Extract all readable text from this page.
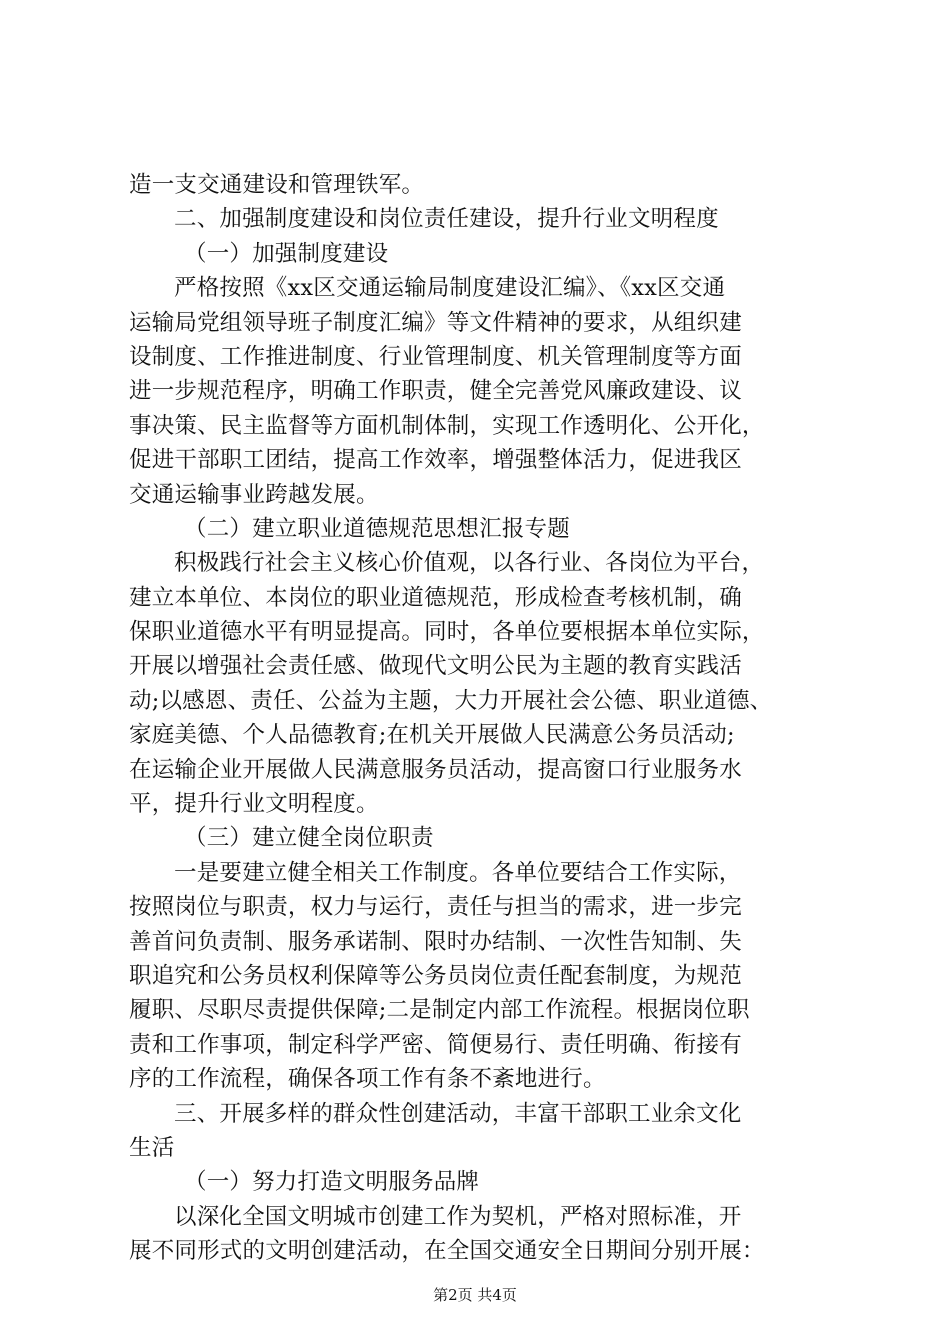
造一支交通建设和管理铁军。
二、加强制度建设和岗位责任建设，提升行业文明程度
（一）加强制度建设
严格按照《xx区交通运输局制度建设汇编》、《xx区交通
运输局党组领导班子制度汇编》等文件精神的要求，从组织建
设制度、工作推进制度、行业管理制度、机关管理制度等方面
进一步规范程序，明确工作职责，健全完善党风廉政建设、议
事决策、民主监督等方面机制体制，实现工作透明化、公开化，
促进干部职工团结，提高工作效率，增强整体活力，促进我区
交通运输事业跨越发展。
（二）建立职业道德规范思想汇报专题
积极践行社会主义核心价值观，以各行业、各岗位为平台，
建立本单位、本岗位的职业道德规范，形成检查考核机制，确
保职业道德水平有明显提高。同时，各单位要根据本单位实际，
开展以增强社会责任感、做现代文明公民为主题的教育实践活
动;以感恩、责任、公益为主题，大力开展社会公德、职业道德、
家庭美德、个人品德教育;在机关开展做人民满意公务员活动;
在运输企业开展做人民满意服务员活动，提高窗口行业服务水
平，提升行业文明程度。
（三）建立健全岗位职责
一是要建立健全相关工作制度。各单位要结合工作实际，
按照岗位与职责，权力与运行，责任与担当的需求，进一步完
善首问负责制、服务承诺制、限时办结制、一次性告知制、失
职追究和公务员权利保障等公务员岗位责任配套制度，为规范
履职、尽职尽责提供保障;二是制定内部工作流程。根据岗位职
责和工作事项，制定科学严密、简便易行、责任明确、衔接有
序的工作流程，确保各项工作有条不紊地进行。
三、开展多样的群众性创建活动，丰富干部职工业余文化
生活
（一）努力打造文明服务品牌
以深化全国文明城市创建工作为契机，严格对照标准，开
展不同形式的文明创建活动，在全国交通安全日期间分别开展：
第2页 共4页
